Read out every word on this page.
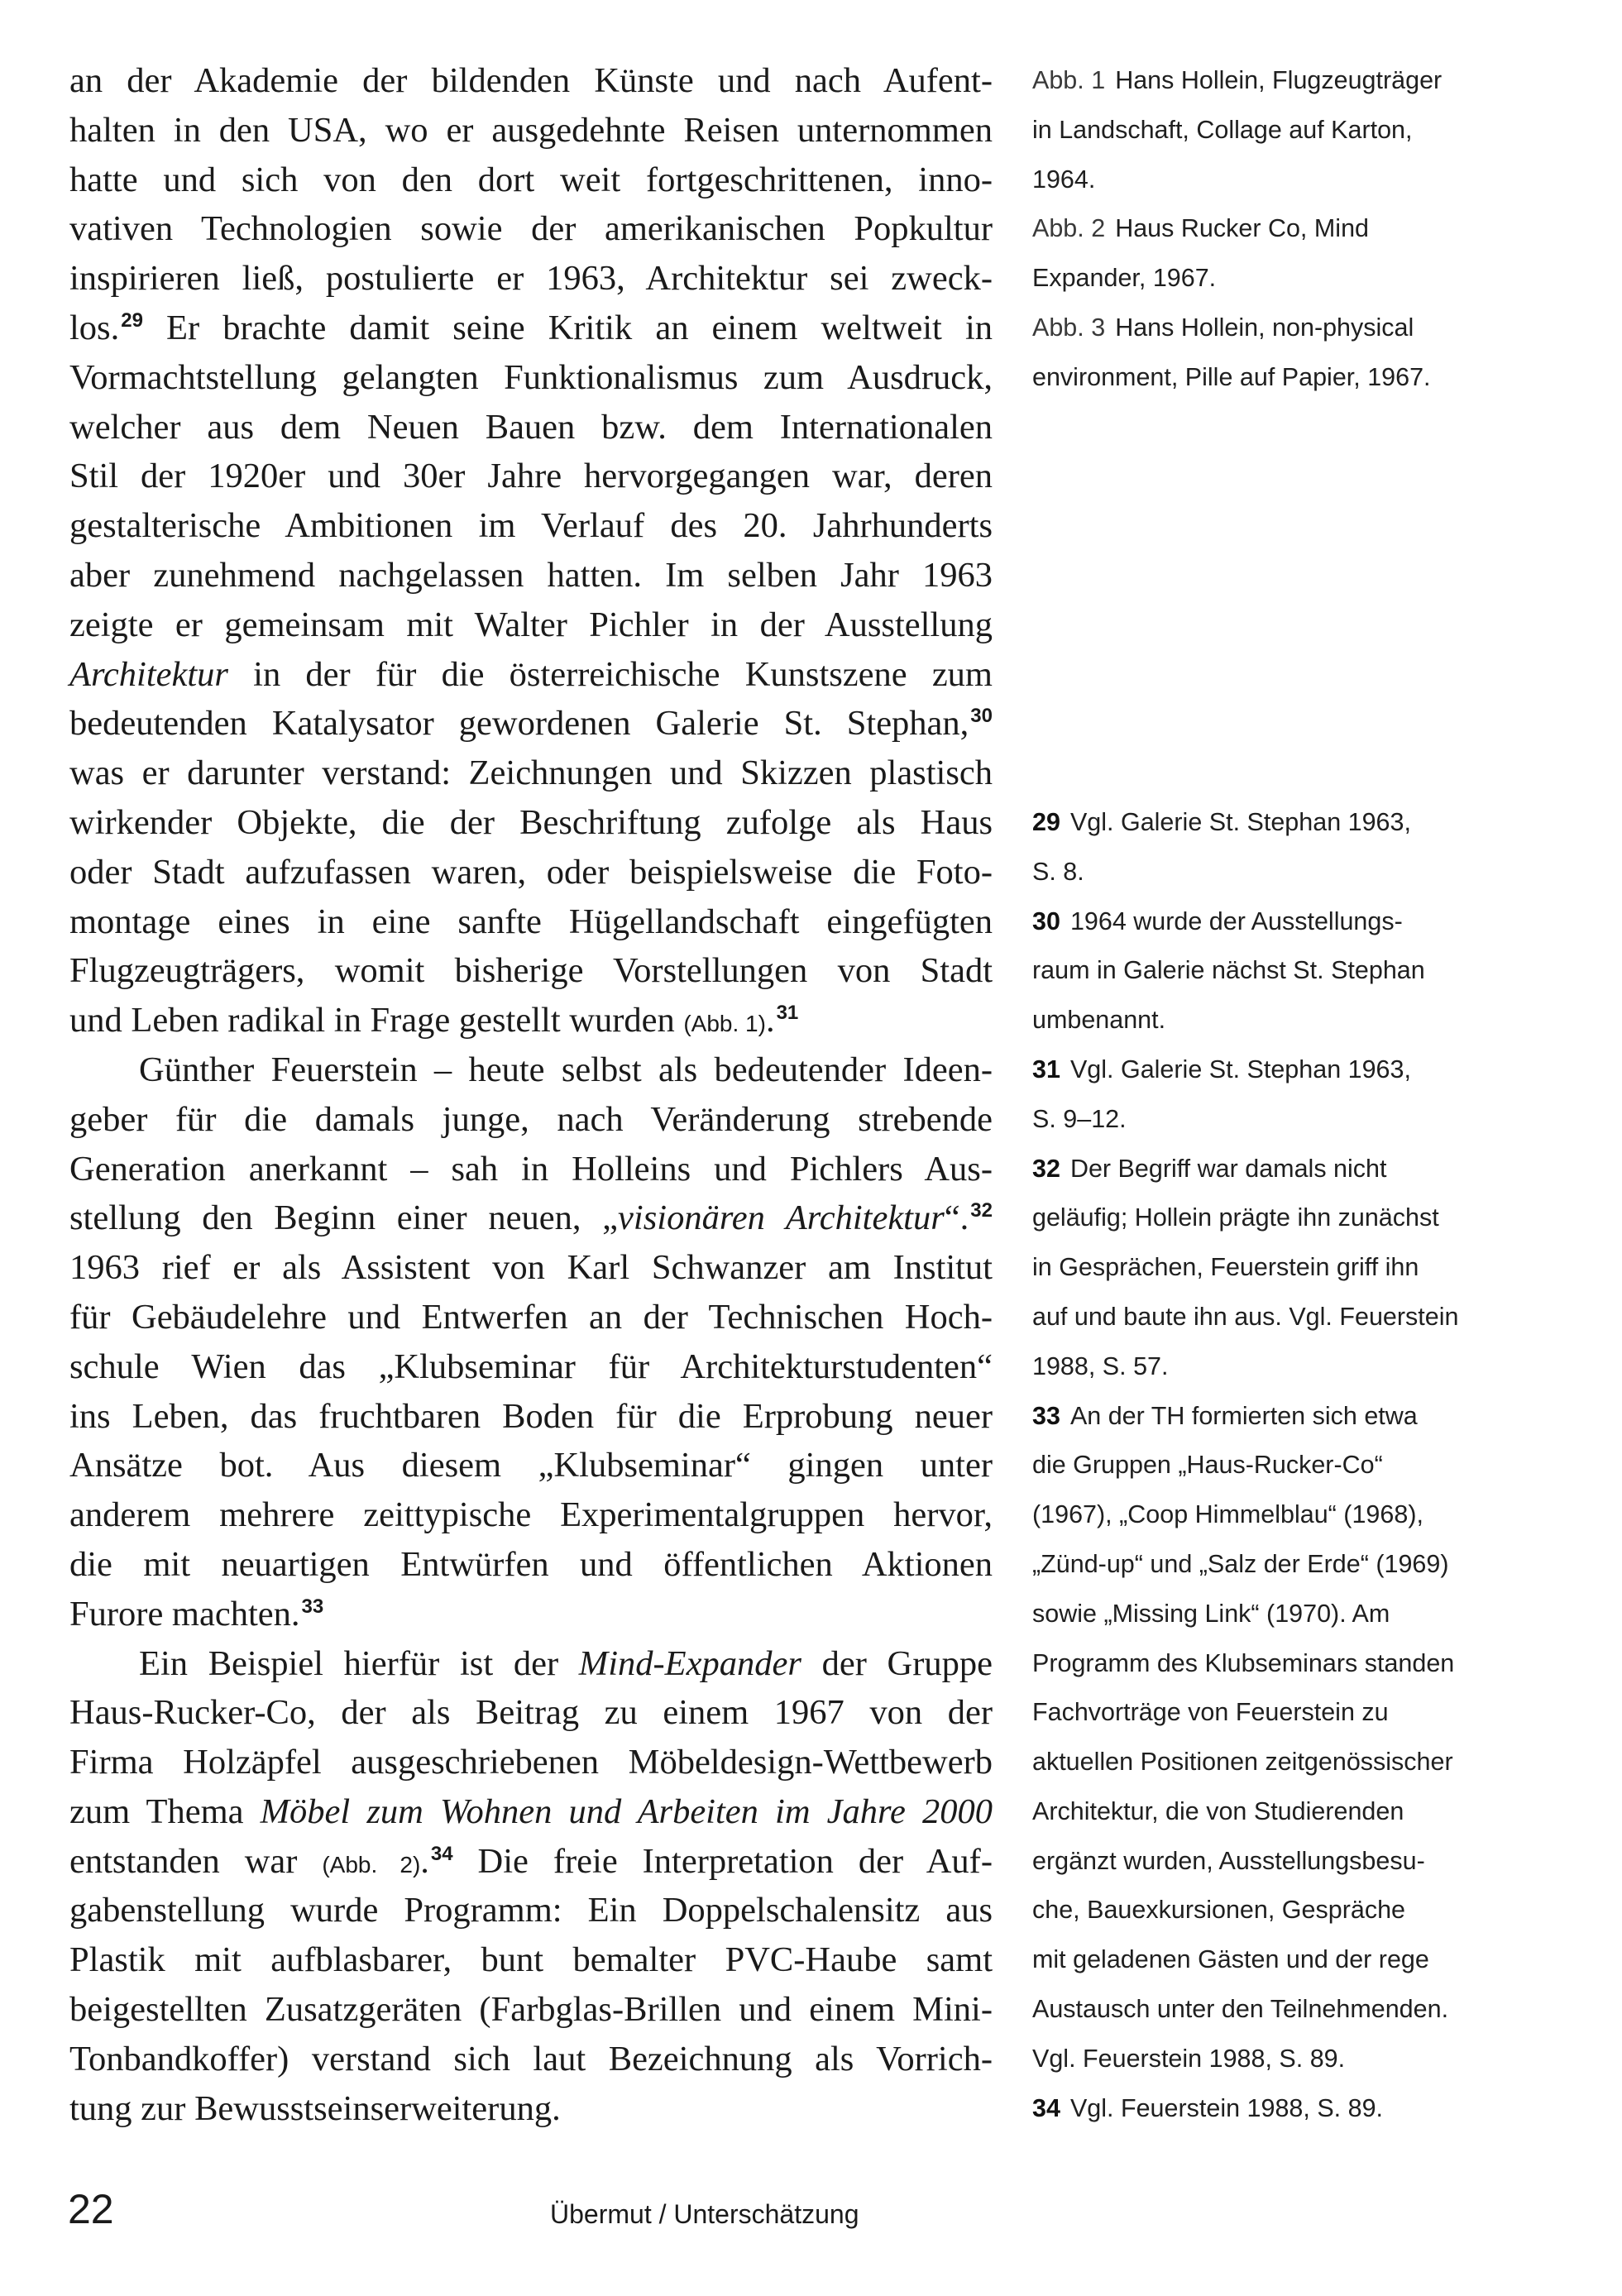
an der Akademie der bildenden Künste und nach Aufent-
halten in den USA, wo er ausgedehnte Reisen unternommen
hatte und sich von den dort weit fortgeschrittenen, inno-
vativen Technologien sowie der amerikanischen Popkultur
inspirieren ließ, postulierte er 1963, Architektur sei zweck-
los.$^{29}$ Er brachte damit seine Kritik an einem weltweit in
Vormachtstellung gelangten Funktionalismus zum Ausdruck,
welcher aus dem Neuen Bauen bzw. dem Internationalen
Stil der 1920er und 30er Jahre hervorgegangen war, deren
gestalterische Ambitionen im Verlauf des 20. Jahrhunderts
aber zunehmend nachgelassen hatten. Im selben Jahr 1963
zeigte er gemeinsam mit Walter Pichler in der Ausstellung
Architektur in der für die österreichische Kunstszene zum
bedeutenden Katalysator gewordenen Galerie St. Stephan,$^{30}$
was er darunter verstand: Zeichnungen und Skizzen plastisch
wirkender Objekte, die der Beschriftung zufolge als Haus
oder Stadt aufzufassen waren, oder beispielsweise die Foto-
montage eines in eine sanfte Hügellandschaft eingefügten
Flugzeugträgers, womit bisherige Vorstellungen von Stadt
und Leben radikal in Frage gestellt wurden (Abb. 1).$^{31}$
Günther Feuerstein – heute selbst als bedeutender Ideen-
geber für die damals junge, nach Veränderung strebende
Generation anerkannt – sah in Holleins und Pichlers Aus-
stellung den Beginn einer neuen, „visionären Architektur“.$^{32}$
1963 rief er als Assistent von Karl Schwanzer am Institut
für Gebäudelehre und Entwerfen an der Technischen Hoch-
schule Wien das „Klubseminar für Architekturstudenten“
ins Leben, das fruchtbaren Boden für die Erprobung neuer
Ansätze bot. Aus diesem „Klubseminar“ gingen unter
anderem mehrere zeittypische Experimentalgruppen hervor,
die mit neuartigen Entwürfen und öffentlichen Aktionen
Furore machten.$^{33}$
Ein Beispiel hierfür ist der Mind-Expander der Gruppe
Haus-Rucker-Co, der als Beitrag zu einem 1967 von der
Firma Holzäpfel ausgeschriebenen Möbeldesign-Wettbewerb
zum Thema Möbel zum Wohnen und Arbeiten im Jahre 2000
entstanden war (Abb. 2).$^{34}$ Die freie Interpretation der Auf-
gabenstellung wurde Programm: Ein Doppelschalensitz aus
Plastik mit aufblasbarer, bunt bemalter PVC-Haube samt
beigestellten Zusatzgeräten (Farbglas-Brillen und einem Mini-
Tonbandkoffer) verstand sich laut Bezeichnung als Vorrich-
tung zur Bewusstseinserweiterung.
Abb. 1 Hans Hollein, Flugzeugträger
in Landschaft, Collage auf Karton,
1964.
Abb. 2 Haus Rucker Co, Mind
Expander, 1967.
Abb. 3 Hans Hollein, non-physical
environment, Pille auf Papier, 1967.
29 Vgl. Galerie St. Stephan 1963,
S. 8.
30 1964 wurde der Ausstellungs-
raum in Galerie nächst St. Stephan
umbenannt.
31 Vgl. Galerie St. Stephan 1963,
S. 9–12.
32 Der Begriff war damals nicht
geläufig; Hollein prägte ihn zunächst
in Gesprächen, Feuerstein griff ihn
auf und baute ihn aus. Vgl. Feuerstein
1988, S. 57.
33 An der TH formierten sich etwa
die Gruppen „Haus-Rucker-Co“
(1967), „Coop Himmelblau“ (1968),
„Zünd-up“ und „Salz der Erde“ (1969)
sowie „Missing Link“ (1970). Am
Programm des Klubseminars standen
Fachvorträge von Feuerstein zu
aktuellen Positionen zeitgenössischer
Architektur, die von Studierenden
ergänzt wurden, Ausstellungsbesu-
che, Bauexkursionen, Gespräche
mit geladenen Gästen und der rege
Austausch unter den Teilnehmenden.
Vgl. Feuerstein 1988, S. 89.
34 Vgl. Feuerstein 1988, S. 89.
22	Übermut / Unterschätzung
